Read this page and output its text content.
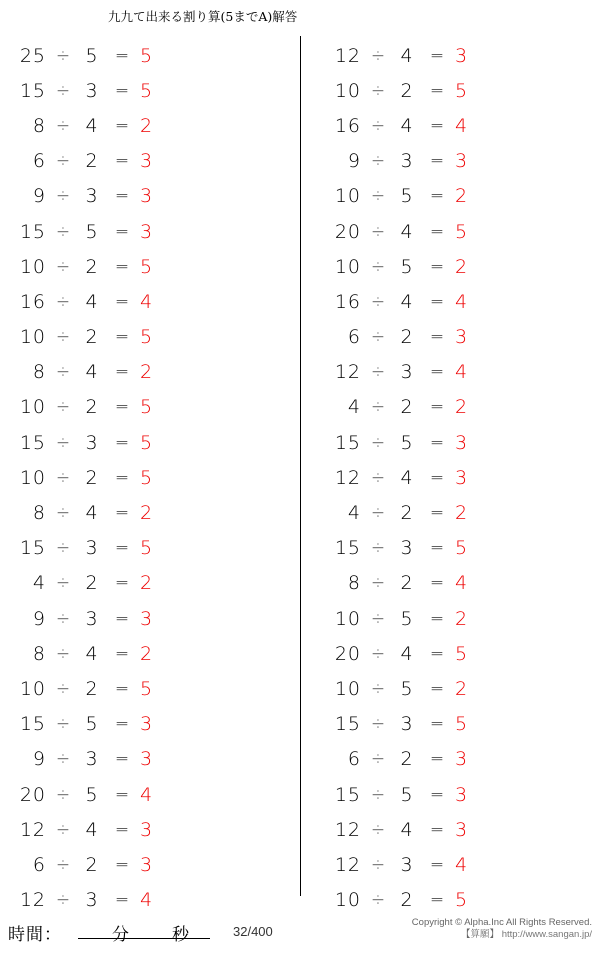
九九て出来る割り算(5までA)解答
25 ÷ 5 = 5
15 ÷ 3 = 5
8 ÷ 4 = 2
6 ÷ 2 = 3
9 ÷ 3 = 3
15 ÷ 5 = 3
10 ÷ 2 = 5
16 ÷ 4 = 4
10 ÷ 2 = 5
8 ÷ 4 = 2
10 ÷ 2 = 5
15 ÷ 3 = 5
10 ÷ 2 = 5
8 ÷ 4 = 2
15 ÷ 3 = 5
4 ÷ 2 = 2
9 ÷ 3 = 3
8 ÷ 4 = 2
10 ÷ 2 = 5
15 ÷ 5 = 3
9 ÷ 3 = 3
20 ÷ 5 = 4
12 ÷ 4 = 3
6 ÷ 2 = 3
12 ÷ 3 = 4
12 ÷ 4 = 3
10 ÷ 2 = 5
16 ÷ 4 = 4
9 ÷ 3 = 3
10 ÷ 5 = 2
20 ÷ 4 = 5
10 ÷ 5 = 2
16 ÷ 4 = 4
6 ÷ 2 = 3
12 ÷ 3 = 4
4 ÷ 2 = 2
15 ÷ 5 = 3
12 ÷ 4 = 3
4 ÷ 2 = 2
15 ÷ 3 = 5
8 ÷ 2 = 4
10 ÷ 5 = 2
20 ÷ 4 = 5
10 ÷ 5 = 2
15 ÷ 3 = 5
6 ÷ 2 = 3
15 ÷ 5 = 3
12 ÷ 4 = 3
12 ÷ 3 = 4
10 ÷ 2 = 5
時間：	分	秒	32/400
Copyright © Alpha.Inc All Rights Reserved.
【算願】 http://www.sangan.jp/
